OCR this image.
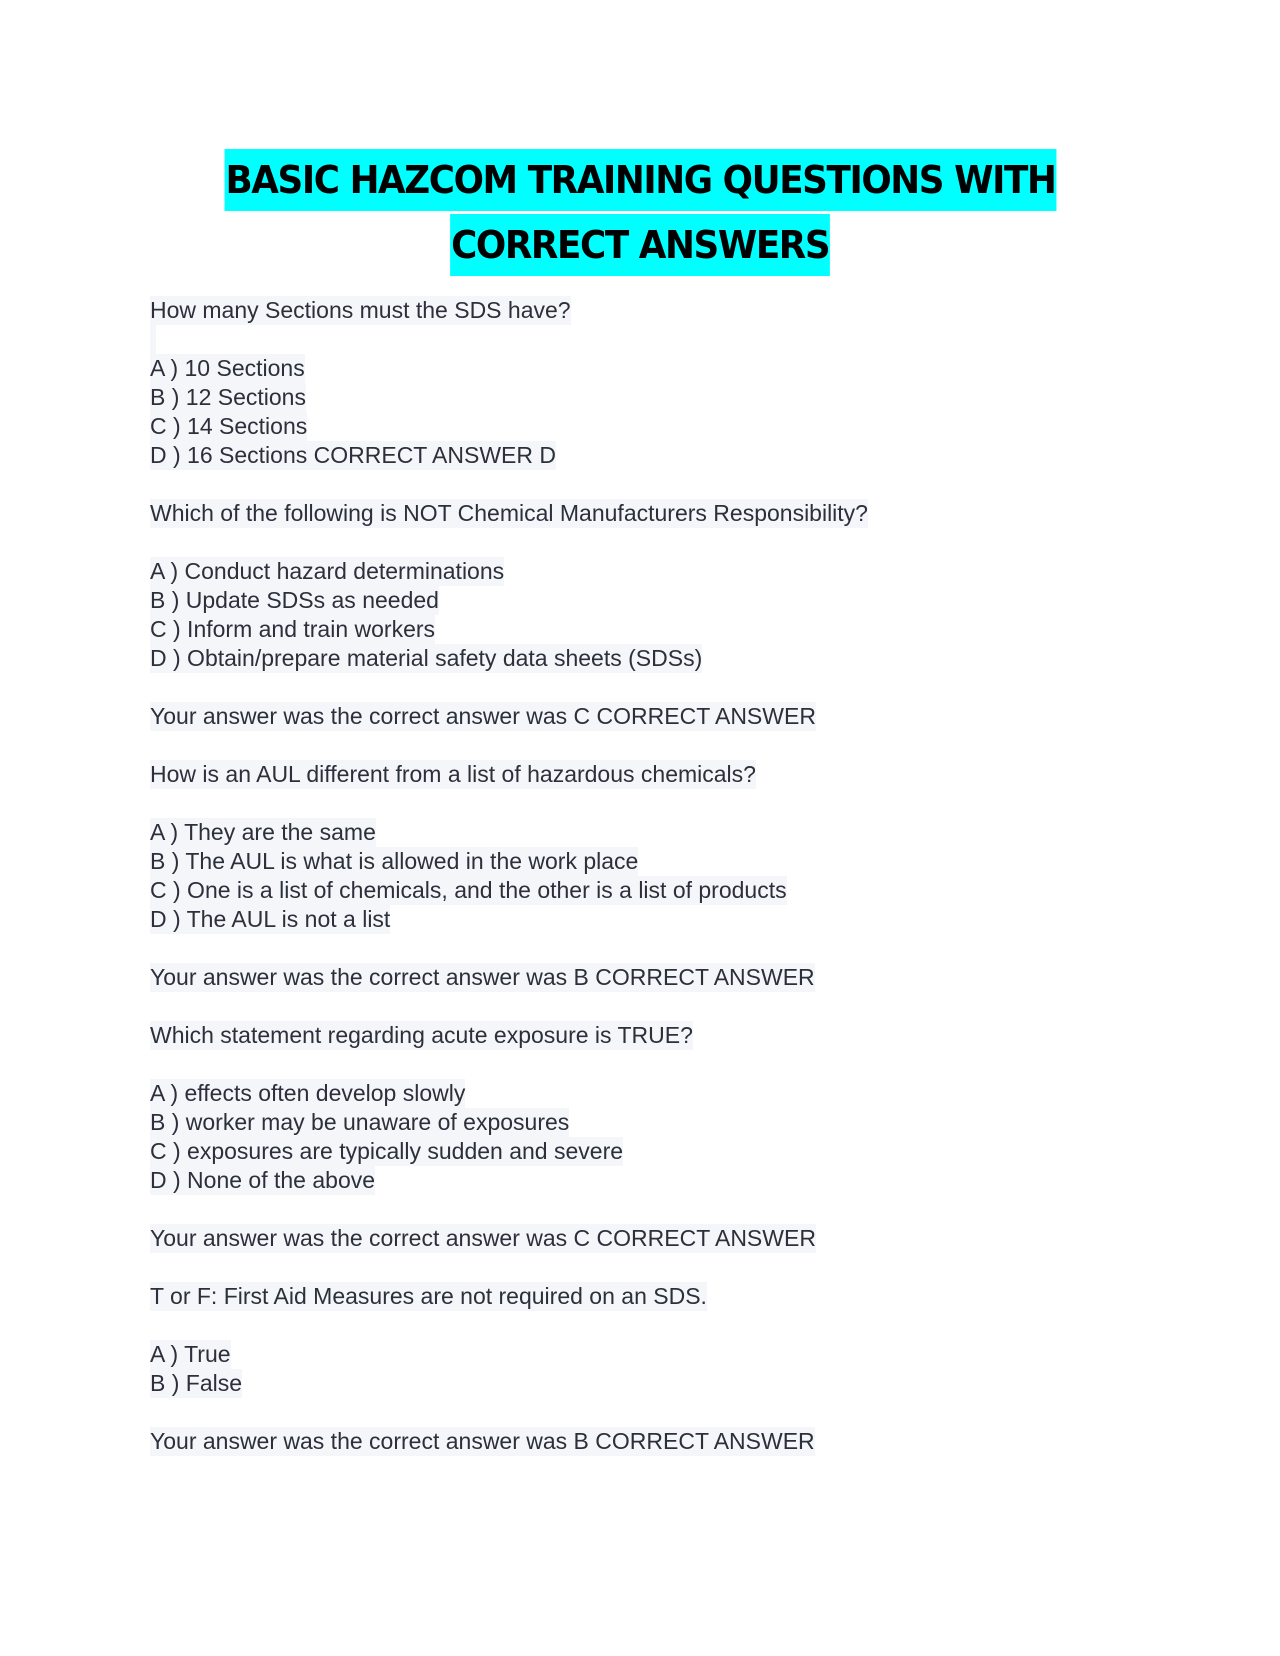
BASIC HAZCOM TRAINING QUESTIONS WITH
CORRECT ANSWERS
How many Sections must the SDS have?
A ) 10 Sections
B ) 12 Sections
C ) 14 Sections
D ) 16 Sections CORRECT ANSWER D
Which of the following is NOT Chemical Manufacturers Responsibility?
A ) Conduct hazard determinations
B ) Update SDSs as needed
C ) Inform and train workers
D ) Obtain/prepare material safety data sheets (SDSs)
Your answer was the correct answer was C CORRECT ANSWER
How is an AUL different from a list of hazardous chemicals?
A ) They are the same
B ) The AUL is what is allowed in the work place
C ) One is a list of chemicals, and the other is a list of products
D ) The AUL is not a list
Your answer was the correct answer was B CORRECT ANSWER
Which statement regarding acute exposure is TRUE?
A ) effects often develop slowly
B ) worker may be unaware of exposures
C ) exposures are typically sudden and severe
D ) None of the above
Your answer was the correct answer was C CORRECT ANSWER
T or F: First Aid Measures are not required on an SDS.
A ) True
B ) False
Your answer was the correct answer was B CORRECT ANSWER
